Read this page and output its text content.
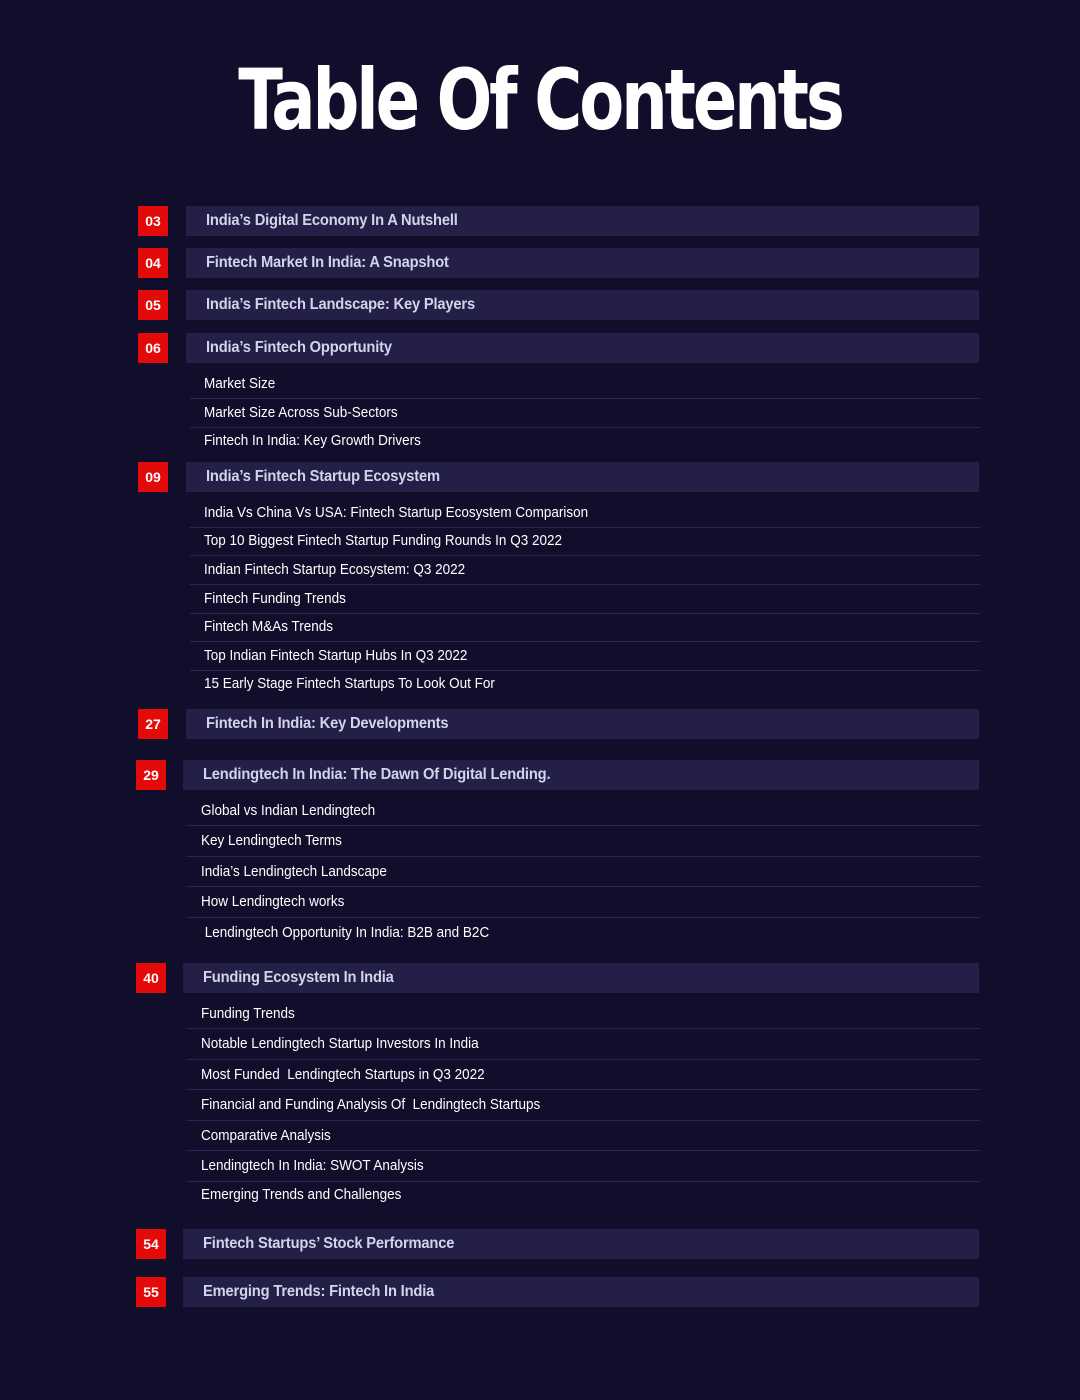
Table Of Contents
03	India’s Digital Economy In A Nutshell
04	Fintech Market In India: A Snapshot
05	India’s Fintech Landscape: Key Players
06	India’s Fintech Opportunity
Market Size
Market Size Across Sub-Sectors
Fintech In India: Key Growth Drivers
09	India’s Fintech Startup Ecosystem
India Vs China Vs USA: Fintech Startup Ecosystem Comparison
Top 10 Biggest Fintech Startup Funding Rounds In Q3 2022
Indian Fintech Startup Ecosystem: Q3 2022
Fintech Funding Trends
Fintech M&As Trends
Top Indian Fintech Startup Hubs In Q3 2022
15 Early Stage Fintech Startups To Look Out For
27	Fintech In India: Key Developments
29	Lendingtech In India: The Dawn Of Digital Lending.
Global vs Indian Lendingtech
Key Lendingtech Terms
India’s Lendingtech Landscape
How Lendingtech works
Lendingtech Opportunity In India: B2B and B2C
40	Funding Ecosystem In India
Funding Trends
Notable Lendingtech Startup Investors In India
Most Funded  Lendingtech Startups in Q3 2022
Financial and Funding Analysis Of  Lendingtech Startups
Comparative Analysis
Lendingtech In India: SWOT Analysis
Emerging Trends and Challenges
54	Fintech Startups’ Stock Performance
55	Emerging Trends: Fintech In India
